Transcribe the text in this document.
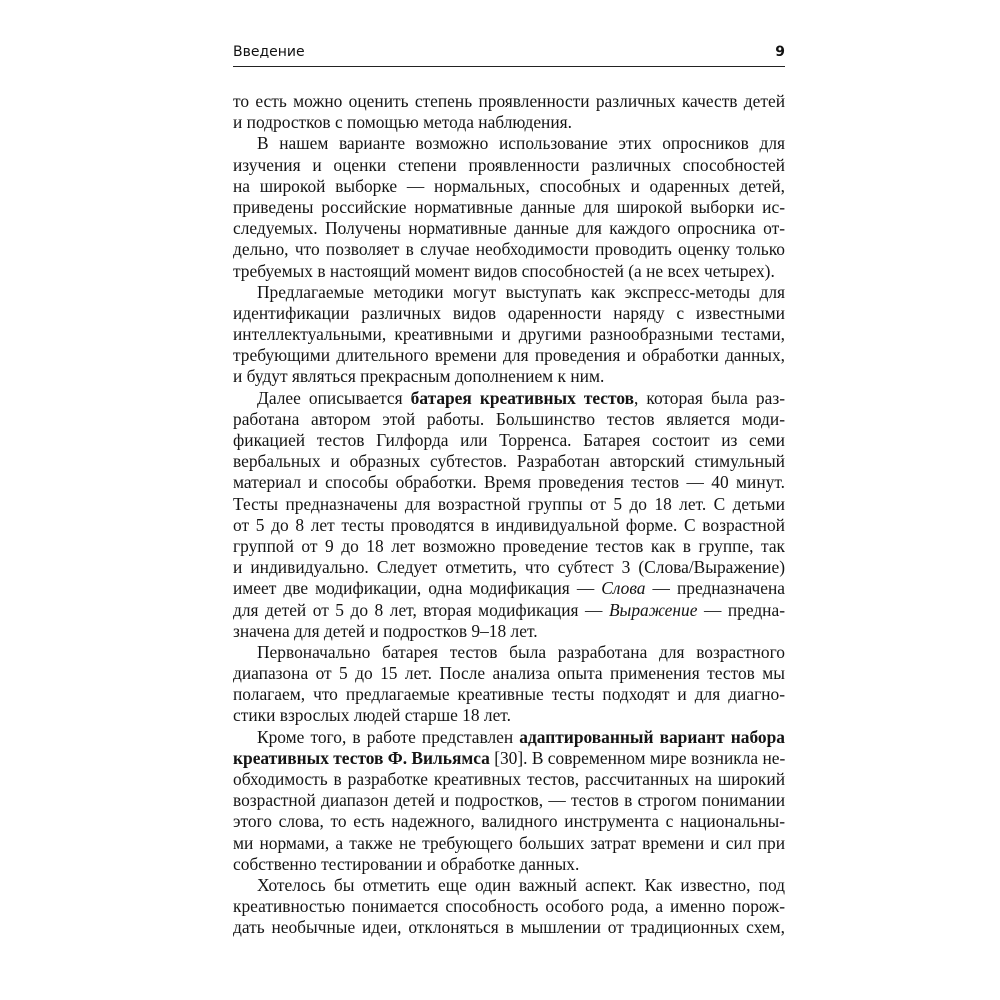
Введение	9
то есть можно оценить степень проявленности различных качеств детей
и подростков с помощью метода наблюдения.
В нашем варианте возможно использование этих опросников для
изучения и оценки степени проявленности различных способностей
на широкой выборке — нормальных, способных и одаренных детей,
приведены российские нормативные данные для широкой выборки ис-
следуемых. Получены нормативные данные для каждого опросника от-
дельно, что позволяет в случае необходимости проводить оценку только
требуемых в настоящий момент видов способностей (а не всех четырех).
Предлагаемые методики могут выступать как экспресс-методы для
идентификации различных видов одаренности наряду с известными
интеллектуальными, креативными и другими разнообразными тестами,
требующими длительного времени для проведения и обработки данных,
и будут являться прекрасным дополнением к ним.
Далее описывается батарея креативных тестов, которая была раз-
работана автором этой работы. Большинство тестов является моди-
фикацией тестов Гилфорда или Торренса. Батарея состоит из семи
вербальных и образных субтестов. Разработан авторский стимульный
материал и способы обработки. Время проведения тестов — 40 минут.
Тесты предназначены для возрастной группы от 5 до 18 лет. С детьми
от 5 до 8 лет тесты проводятся в индивидуальной форме. С возрастной
группой от 9 до 18 лет возможно проведение тестов как в группе, так
и индивидуально. Следует отметить, что субтест 3 (Слова/Выражение)
имеет две модификации, одна модификация — Слова — предназначена
для детей от 5 до 8 лет, вторая модификация — Выражение — предна-
значена для детей и подростков 9–18 лет.
Первоначально батарея тестов была разработана для возрастного
диапазона от 5 до 15 лет. После анализа опыта применения тестов мы
полагаем, что предлагаемые креативные тесты подходят и для диагно-
стики взрослых людей старше 18 лет.
Кроме того, в работе представлен адаптированный вариант набора
креативных тестов Ф. Вильямса [30]. В современном мире возникла не-
обходимость в разработке креативных тестов, рассчитанных на широкий
возрастной диапазон детей и подростков, — тестов в строгом понимании
этого слова, то есть надежного, валидного инструмента с национальны-
ми нормами, а также не требующего больших затрат времени и сил при
собственно тестировании и обработке данных.
Хотелось бы отметить еще один важный аспект. Как известно, под
креативностью понимается способность особого рода, а именно порож-
дать необычные идеи, отклоняться в мышлении от традиционных схем,
